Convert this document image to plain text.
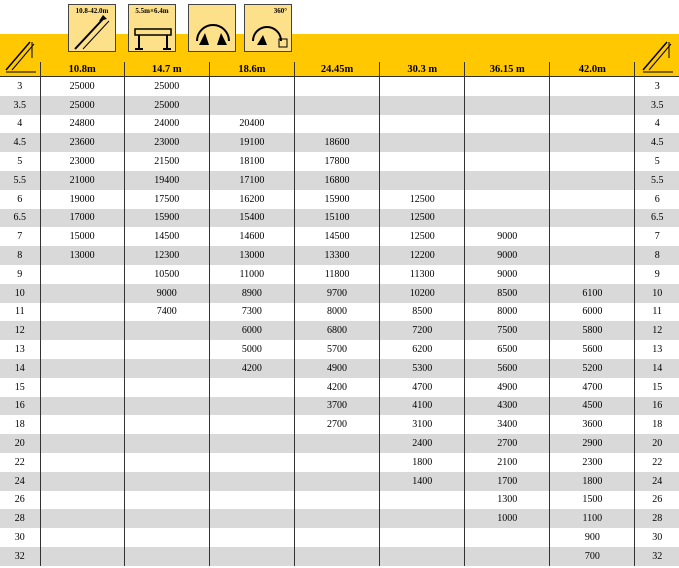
10.8-42.0m	5.5m×6.4m	360°
	10.8m	14.7 m	18.6m	24.45m	30.3 m	36.15 m	42.0m	
3	25000	25000						3
3.5	25000	25000						3.5
4	24800	24000	20400					4
4.5	23600	23000	19100	18600				4.5
5	23000	21500	18100	17800				5
5.5	21000	19400	17100	16800				5.5
6	19000	17500	16200	15900	12500			6
6.5	17000	15900	15400	15100	12500			6.5
7	15000	14500	14600	14500	12500	9000		7
8	13000	12300	13000	13300	12200	9000		8
9		10500	11000	11800	11300	9000		9
10		9000	8900	9700	10200	8500	6100	10
11		7400	7300	8000	8500	8000	6000	11
12			6000	6800	7200	7500	5800	12
13			5000	5700	6200	6500	5600	13
14			4200	4900	5300	5600	5200	14
15				4200	4700	4900	4700	15
16				3700	4100	4300	4500	16
18				2700	3100	3400	3600	18
20					2400	2700	2900	20
22					1800	2100	2300	22
24					1400	1700	1800	24
26						1300	1500	26
28						1000	1100	28
30							900	30
32							700	32
